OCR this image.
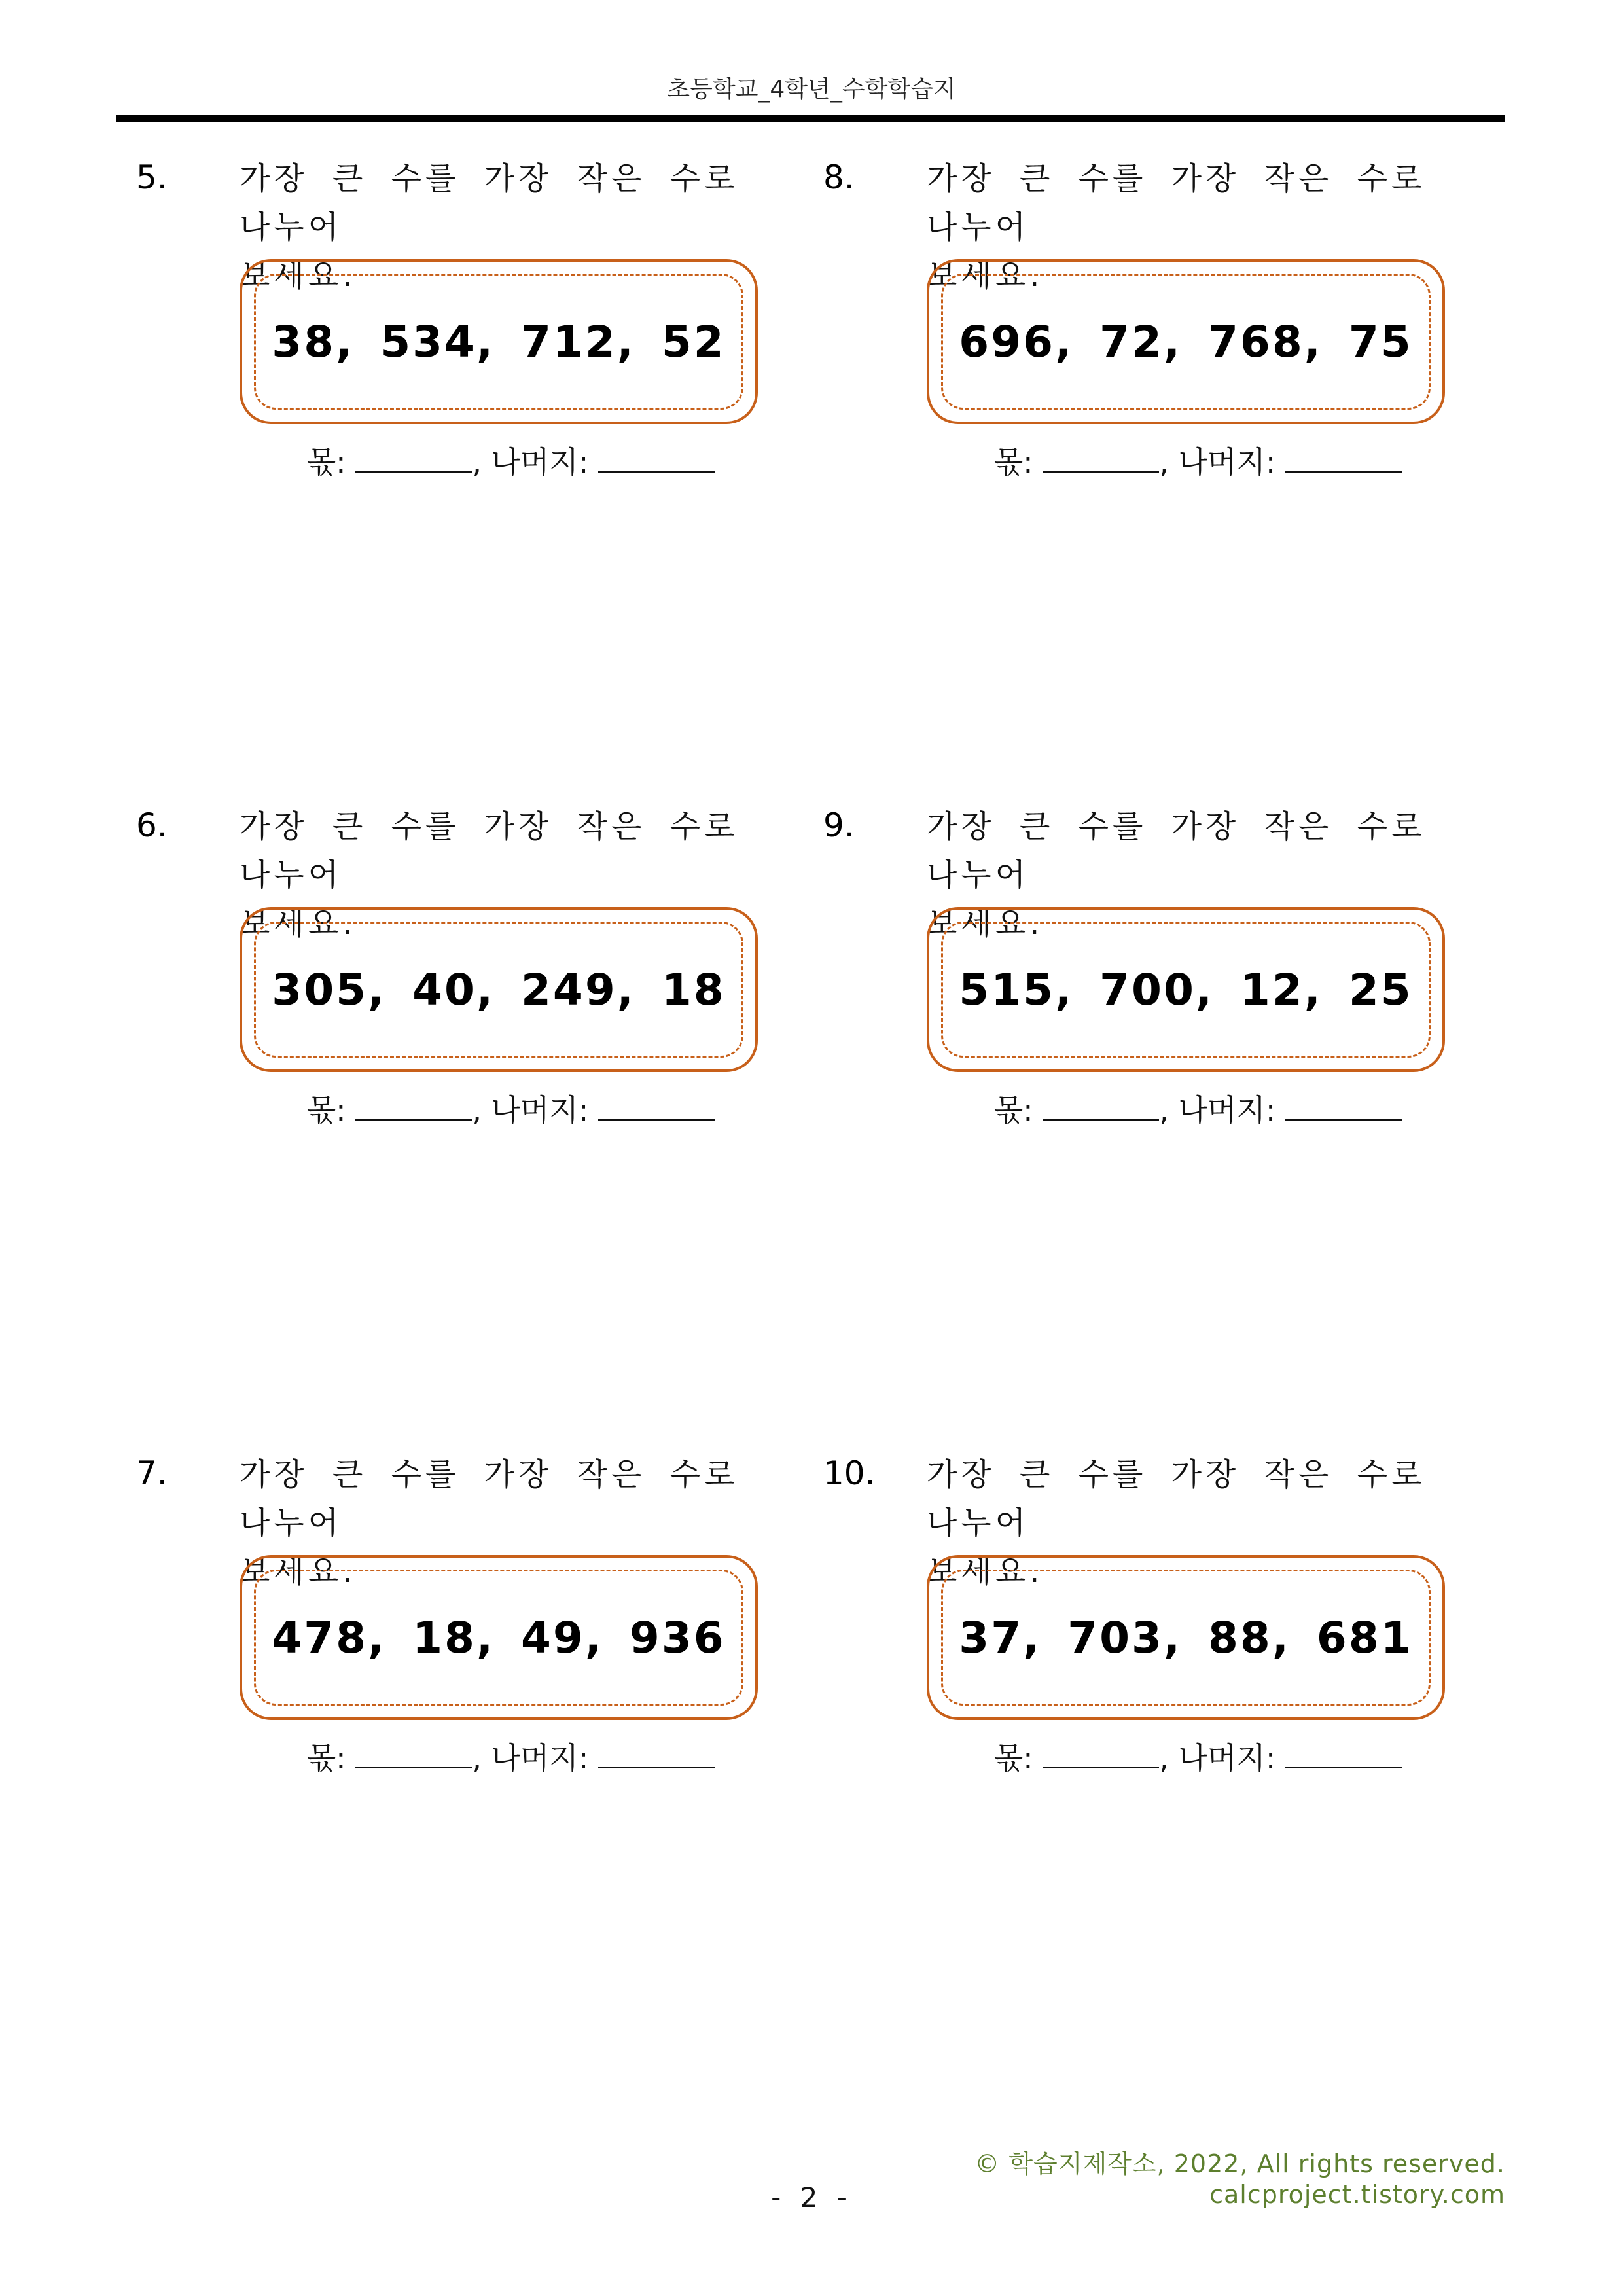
초등학교_4학년_수학학습지
5. 가장 큰 수를 가장 작은 수로 나누어
보세요.
38, 534, 712, 52
몫:	, 나머지:
8. 가장 큰 수를 가장 작은 수로 나누어
보세요.
696, 72, 768, 75
몫:	, 나머지:
6. 가장 큰 수를 가장 작은 수로 나누어
보세요.
305, 40, 249, 18
몫:	, 나머지:
9. 가장 큰 수를 가장 작은 수로 나누어
보세요.
515, 700, 12, 25
몫:	, 나머지:
7. 가장 큰 수를 가장 작은 수로 나누어
보세요.
478, 18, 49, 936
몫:	, 나머지:
10. 가장 큰 수를 가장 작은 수로 나누어
보세요.
37, 703, 88, 681
몫:	, 나머지:
© 학습지제작소, 2022, All rights reserved.
calcproject.tistory.com
- 2 -
